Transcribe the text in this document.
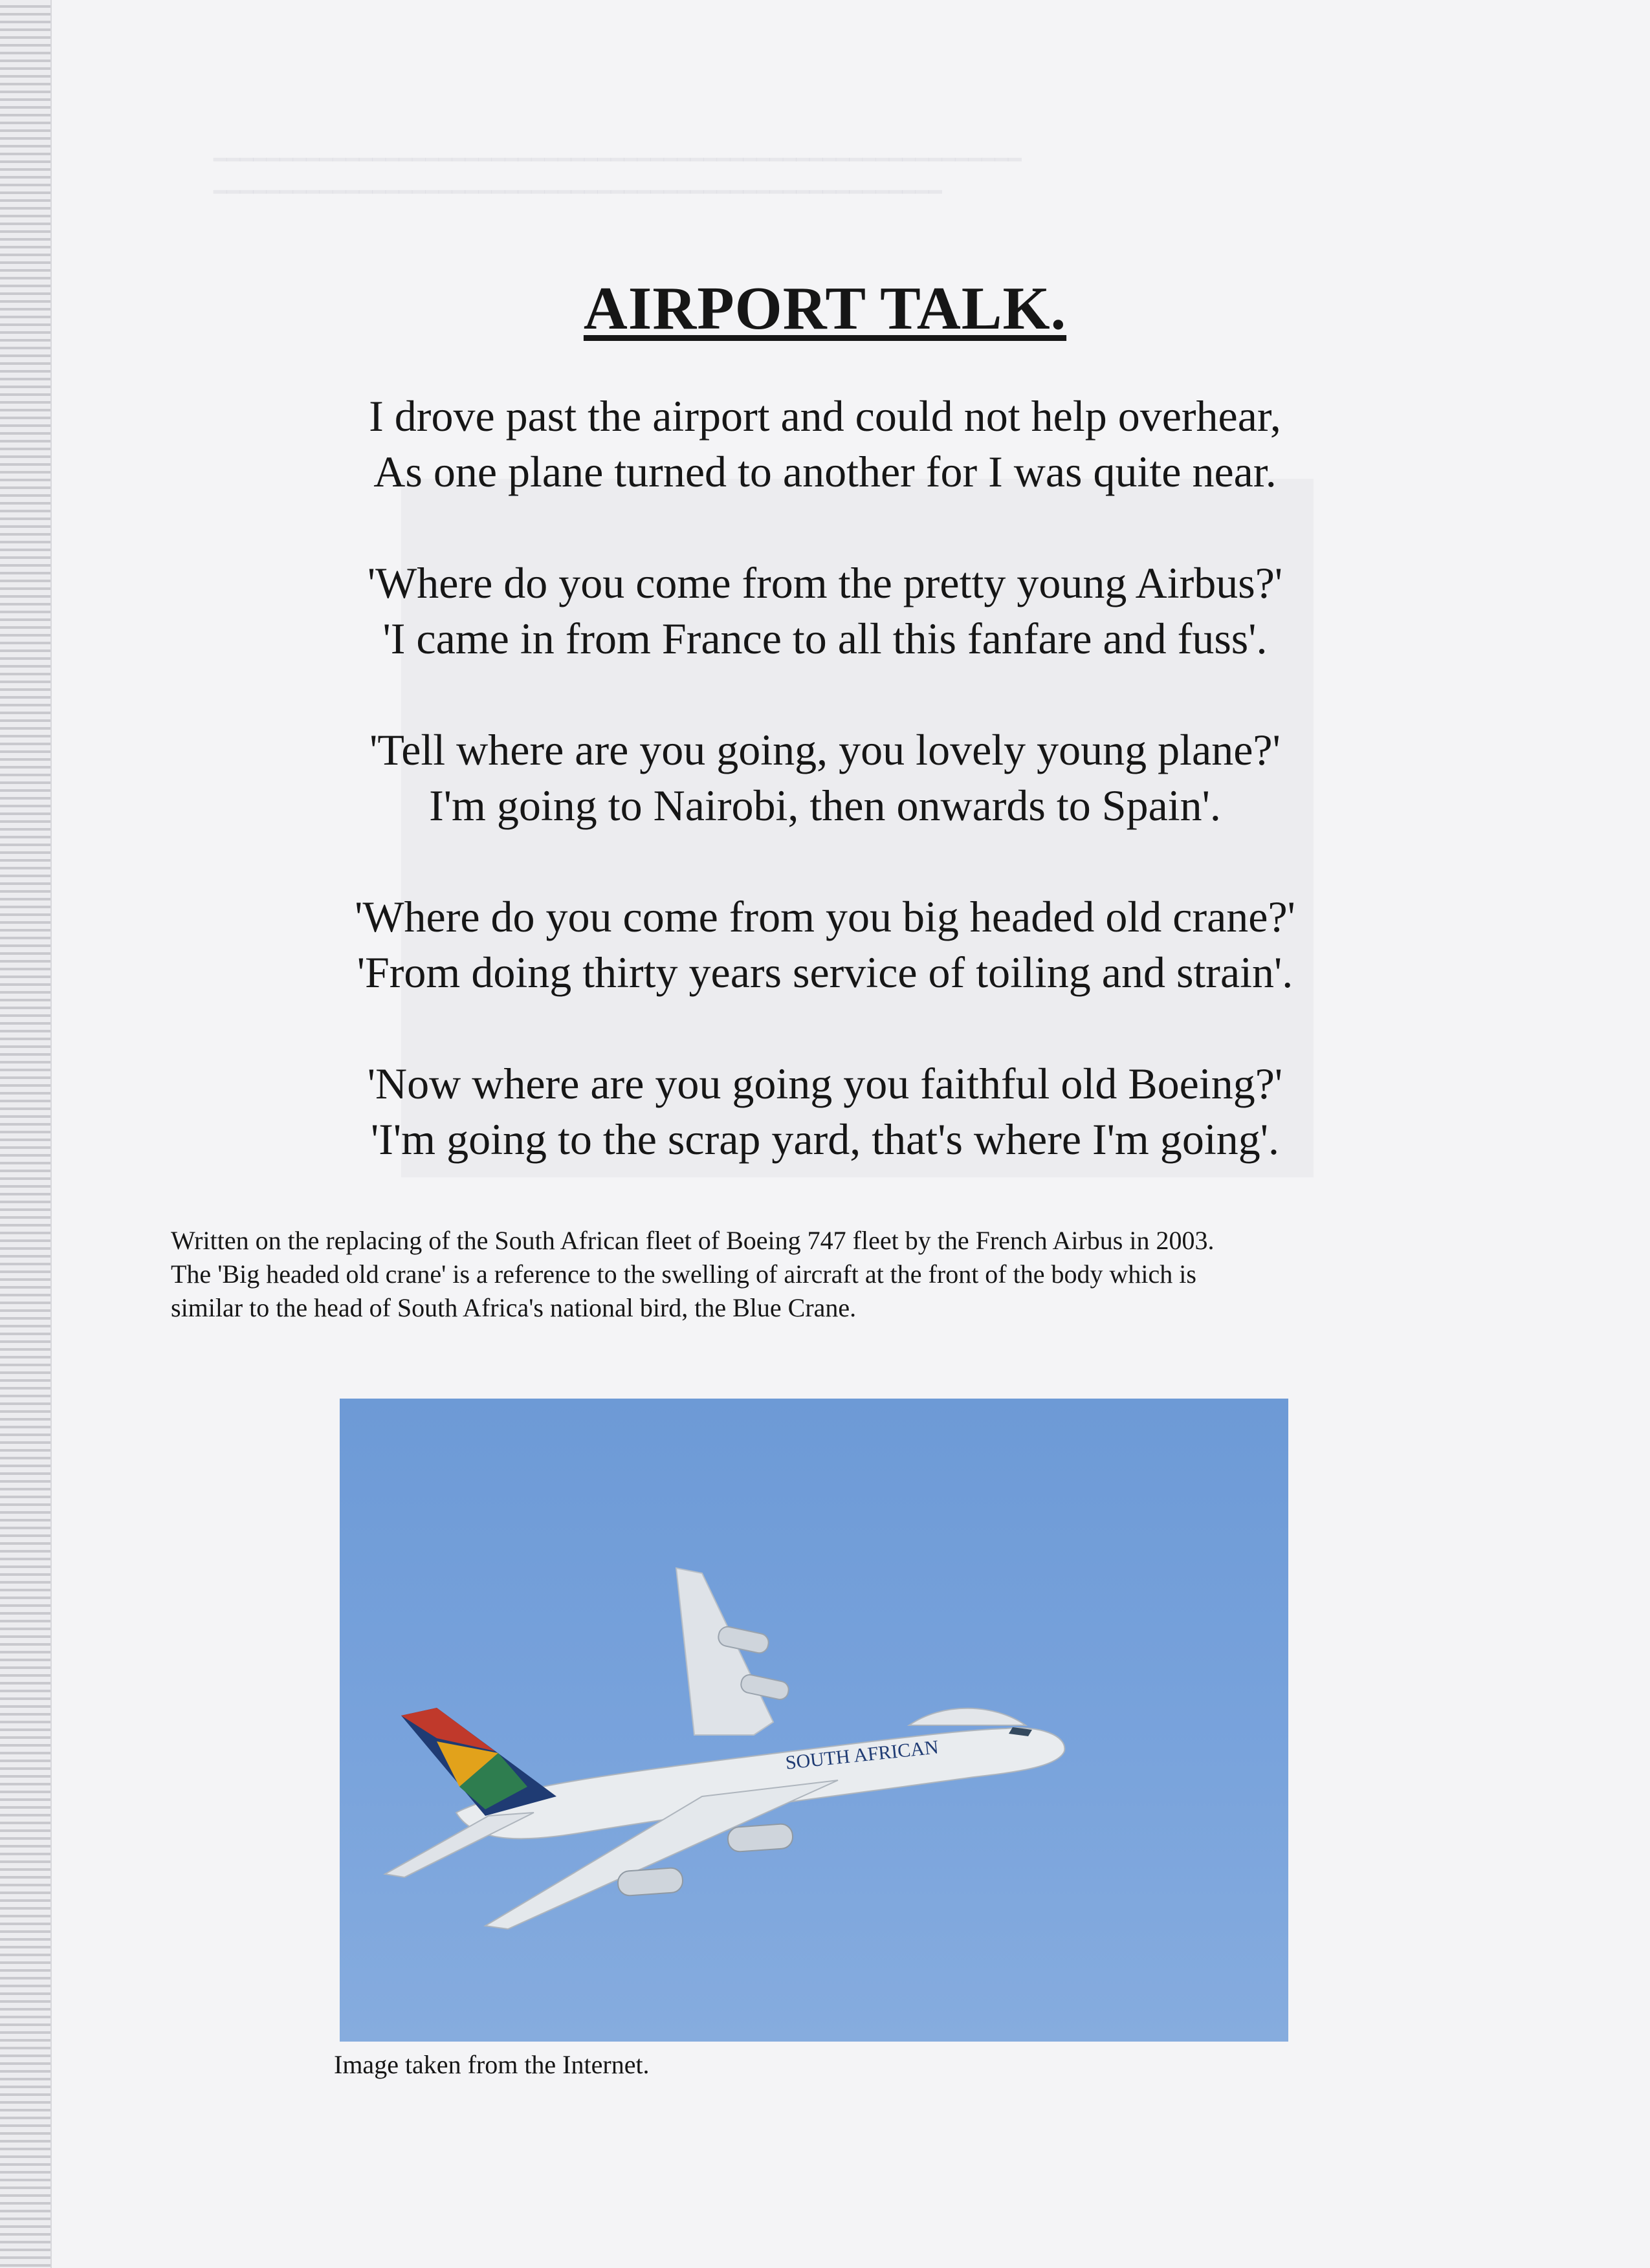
━━━━━━━━━━━━━━━━━━━━━━━━━━━━━━━━━━━━━━━━━━━━━━━━━━━━━━━
━━━━━━━━━━━━━━━━━━━━━━━━━━━━━━━━━━━━━━━━━━━━━━━━━━━━━━━━━━━━━
AIRPORT TALK.

I drove past the airport and could not help overhear,

As one plane turned to another for I was quite near.

'Where do you come from the pretty young Airbus?'

'I came in from France to all this fanfare and fuss'.

'Tell where are you going, you lovely young plane?'

I'm going to Nairobi, then onwards to Spain'.

'Where do you come from you big headed old crane?'

'From doing thirty years service of toiling and strain'.

'Now where are you going you faithful old Boeing?'

'I'm going to the scrap yard, that's where I'm going'.

Written on the replacing of the South African fleet of Boeing 747 fleet by the French Airbus in 2003.

The 'Big headed old crane' is a reference to the swelling of aircraft at the front of the body which is

similar to the head of South Africa's national bird, the Blue Crane.

SOUTH AFRICAN
Image taken from the Internet.
